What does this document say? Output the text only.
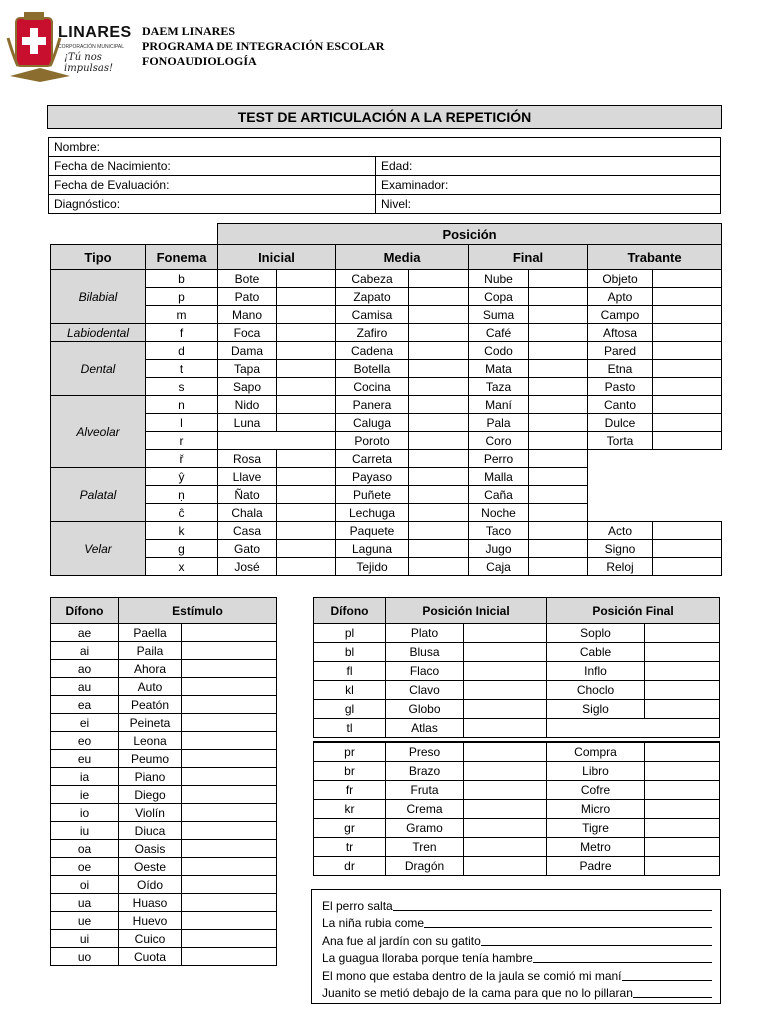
LINARES
CORPORACIÓN MUNICIPAL
¡Tú nos impulsas!
DAEM LINARES
PROGRAMA DE INTEGRACIÓN ESCOLAR
FONOAUDIOLOGÍA
TEST DE ARTICULACIÓN A LA REPETICIÓN
Nombre:	
Fecha de Nacimiento:	Edad:
Fecha de Evaluación:	Examinador:
Diagnóstico:	Nivel:
		Posición							
Tipo	Fonema	Inicial		Media		Final		Trabante	
Bilabial	b	Bote		Cabeza		Nube		Objeto	
	p	Pato		Zapato		Copa		Apto	
	m	Mano		Camisa		Suma		Campo	
Labiodental	f	Foca		Zafiro		Café		Aftosa	
Dental	d	Dama		Cadena		Codo		Pared	
	t	Tapa		Botella		Mata		Etna	
	s	Sapo		Cocina		Taza		Pasto	
Alveolar	n	Nido		Panera		Maní		Canto	
	l	Luna		Caluga		Pala		Dulce	
	r			Poroto		Coro		Torta	
	ř	Rosa		Carreta		Perro			
Palatal	ŷ	Llave		Payaso		Malla			
	ṇ	Ñato		Puñete		Caña			
	ĉ	Chala		Lechuga		Noche			
Velar	k	Casa		Paquete		Taco		Acto	
	g	Gato		Laguna		Jugo		Signo	
	x	José		Tejido		Caja		Reloj	
Dífono	Estímulo	
ae	Paella	
ai	Paila	
ao	Ahora	
au	Auto	
ea	Peatón	
ei	Peineta	
eo	Leona	
eu	Peumo	
ia	Piano	
ie	Diego	
io	Violín	
iu	Diuca	
oa	Oasis	
oe	Oeste	
oi	Oído	
ua	Huaso	
ue	Huevo	
ui	Cuico	
uo	Cuota	
Dífono	Posición Inicial		Posición Final	
pl	Plato		Soplo	
bl	Blusa		Cable	
fl	Flaco		Inflo	
kl	Clavo		Choclo	
gl	Globo		Siglo	
tl	Atlas			

pr	Preso		Compra	
br	Brazo		Libro	
fr	Fruta		Cofre	
kr	Crema		Micro	
gr	Gramo		Tigre	
tr	Tren		Metro	
dr	Dragón		Padre	
El perro salta
La niña rubia come
Ana fue al jardín con su gatito
La guagua lloraba porque tenía hambre
El mono que estaba dentro de la jaula se comió mi maní
Juanito se metió debajo de la cama para que no lo pillaran
